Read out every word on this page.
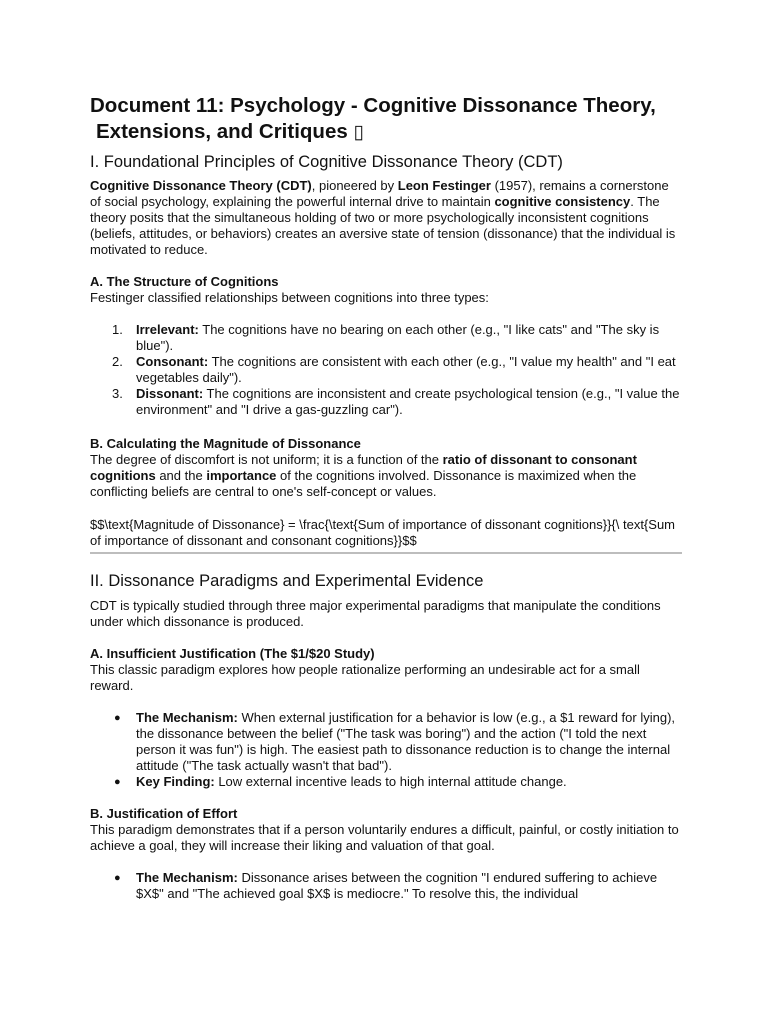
Document 11: Psychology - Cognitive Dissonance Theory, Extensions, and Critiques ▯
I. Foundational Principles of Cognitive Dissonance Theory (CDT)

Cognitive Dissonance Theory (CDT), pioneered by Leon Festinger (1957), remains a cornerstone of social psychology, explaining the powerful internal drive to maintain cognitive consistency. The theory posits that the simultaneous holding of two or more psychologically inconsistent cognitions (beliefs, attitudes, or behaviors) creates an aversive state of tension (dissonance) that the individual is motivated to reduce.

A. The Structure of Cognitions

Festinger classified relationships between cognitions into three types:

1. Irrelevant: The cognitions have no bearing on each other (e.g., "I like cats" and "The sky is blue").
2. Consonant: The cognitions are consistent with each other (e.g., "I value my health" and "I eat vegetables daily").
3. Dissonant: The cognitions are inconsistent and create psychological tension (e.g., "I value the environment" and "I drive a gas-guzzling car").
B. Calculating the Magnitude of Dissonance

The degree of discomfort is not uniform; it is a function of the ratio of dissonant to consonant cognitions and the importance of the cognitions involved. Dissonance is maximized when the conflicting beliefs are central to one's self-concept or values.

$$\text{Magnitude of Dissonance} = \frac{\text{Sum of importance of dissonant cognitions}}{\ text{Sum of importance of dissonant and consonant cognitions}}$$

II. Dissonance Paradigms and Experimental Evidence

CDT is typically studied through three major experimental paradigms that manipulate the conditions under which dissonance is produced.

A. Insufficient Justification (The $1/$20 Study)

This classic paradigm explores how people rationalize performing an undesirable act for a small reward.

● The Mechanism: When external justification for a behavior is low (e.g., a $1 reward for lying), the dissonance between the belief ("The task was boring") and the action ("I told the next person it was fun") is high. The easiest path to dissonance reduction is to change the internal attitude ("The task actually wasn't that bad").
● Key Finding: Low external incentive leads to high internal attitude change.
B. Justification of Effort

This paradigm demonstrates that if a person voluntarily endures a difficult, painful, or costly initiation to achieve a goal, they will increase their liking and valuation of that goal.

● The Mechanism: Dissonance arises between the cognition "I endured suffering to achieve $X$" and "The achieved goal $X$ is mediocre." To resolve this, the individual
